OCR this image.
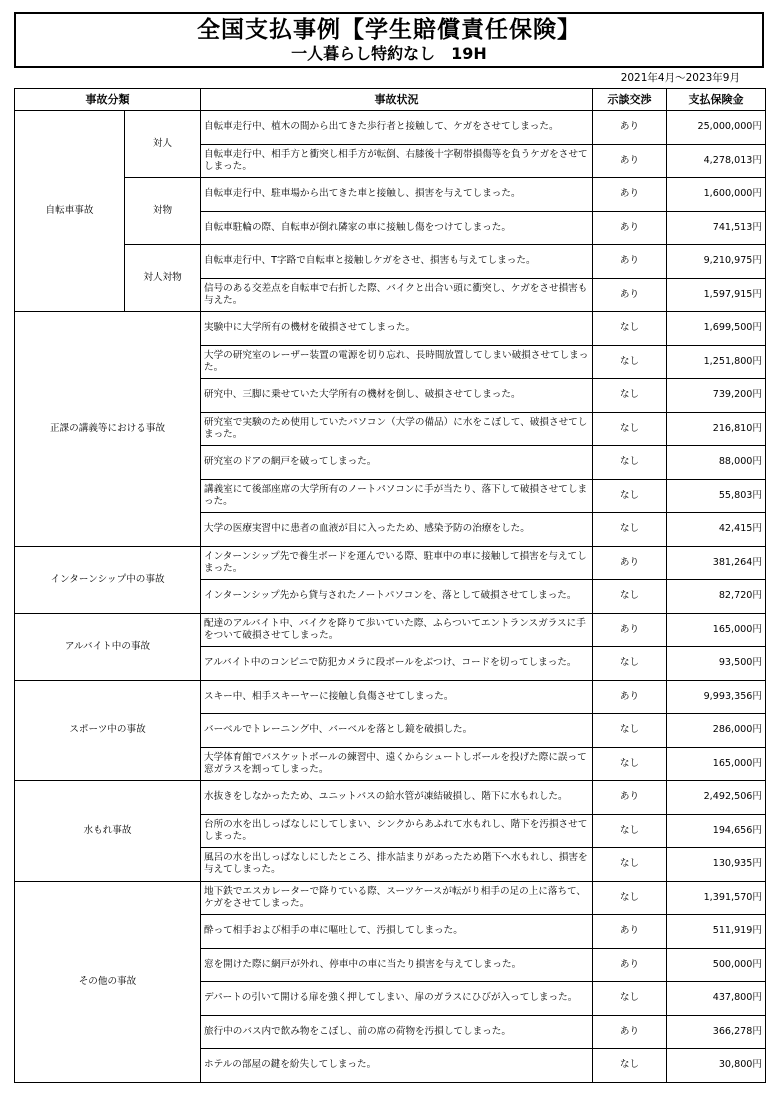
全国支払事例【学生賠償責任保険】
一人暮らし特約なし　19H
2021年4月～2023年9月
事故分類		事故状況	示談交渉	支払保険金
自転車事故	対人	自転車走行中、植木の間から出てきた歩行者と接触して、ケガをさせてしまった。	あり	25,000,000円
		自転車走行中、相手方と衝突し相手方が転倒、右膝後十字靭帯損傷等を負うケガをさせてしまった。	あり	4,278,013円
	対物	自転車走行中、駐車場から出てきた車と接触し、損害を与えてしまった。	あり	1,600,000円
		自転車駐輪の際、自転車が倒れ隣家の車に接触し傷をつけてしまった。	あり	741,513円
	対人対物	自転車走行中、T字路で自転車と接触しケガをさせ、損害も与えてしまった。	あり	9,210,975円
		信号のある交差点を自転車で右折した際、バイクと出合い頭に衝突し、ケガをさせ損害も与えた。	あり	1,597,915円
正課の講義等における事故		実験中に大学所有の機材を破損させてしまった。	なし	1,699,500円
		大学の研究室のレーザー装置の電源を切り忘れ、長時間放置してしまい破損させてしまった。	なし	1,251,800円
		研究中、三脚に乗せていた大学所有の機材を倒し、破損させてしまった。	なし	739,200円
		研究室で実験のため使用していたパソコン（大学の備品）に水をこぼして、破損させてしまった。	なし	216,810円
		研究室のドアの網戸を破ってしまった。	なし	88,000円
		講義室にて後部座席の大学所有のノートパソコンに手が当たり、落下して破損させてしまった。	なし	55,803円
		大学の医療実習中に患者の血液が目に入ったため、感染予防の治療をした。	なし	42,415円
インターンシップ中の事故		インターンシップ先で養生ボードを運んでいる際、駐車中の車に接触して損害を与えてしまった。	あり	381,264円
		インターンシップ先から貸与されたノートパソコンを、落として破損させてしまった。	なし	82,720円
アルバイト中の事故		配達のアルバイト中、バイクを降りて歩いていた際、ふらついてエントランスガラスに手をついて破損させてしまった。	あり	165,000円
		アルバイト中のコンビニで防犯カメラに段ボールをぶつけ、コードを切ってしまった。	なし	93,500円
スポーツ中の事故		スキー中、相手スキーヤーに接触し負傷させてしまった。	あり	9,993,356円
		バーベルでトレーニング中、バーベルを落とし鏡を破損した。	なし	286,000円
		大学体育館でバスケットボールの練習中、遠くからシュートしボールを投げた際に誤って窓ガラスを割ってしまった。	なし	165,000円
水もれ事故		水抜きをしなかったため、ユニットバスの給水管が凍結破損し、階下に水もれした。	あり	2,492,506円
		台所の水を出しっぱなしにしてしまい、シンクからあふれて水もれし、階下を汚損させてしまった。	なし	194,656円
		風呂の水を出しっぱなしにしたところ、排水詰まりがあったため階下へ水もれし、損害を与えてしまった。	なし	130,935円
その他の事故		地下鉄でエスカレーターで降りている際、スーツケースが転がり相手の足の上に落ちて、ケガをさせてしまった。	なし	1,391,570円
		酔って相手および相手の車に嘔吐して、汚損してしまった。	あり	511,919円
		窓を開けた際に網戸が外れ、停車中の車に当たり損害を与えてしまった。	あり	500,000円
		デパートの引いて開ける扉を強く押してしまい、扉のガラスにひびが入ってしまった。	なし	437,800円
		旅行中のバス内で飲み物をこぼし、前の席の荷物を汚損してしまった。	あり	366,278円
		ホテルの部屋の鍵を紛失してしまった。	なし	30,800円
